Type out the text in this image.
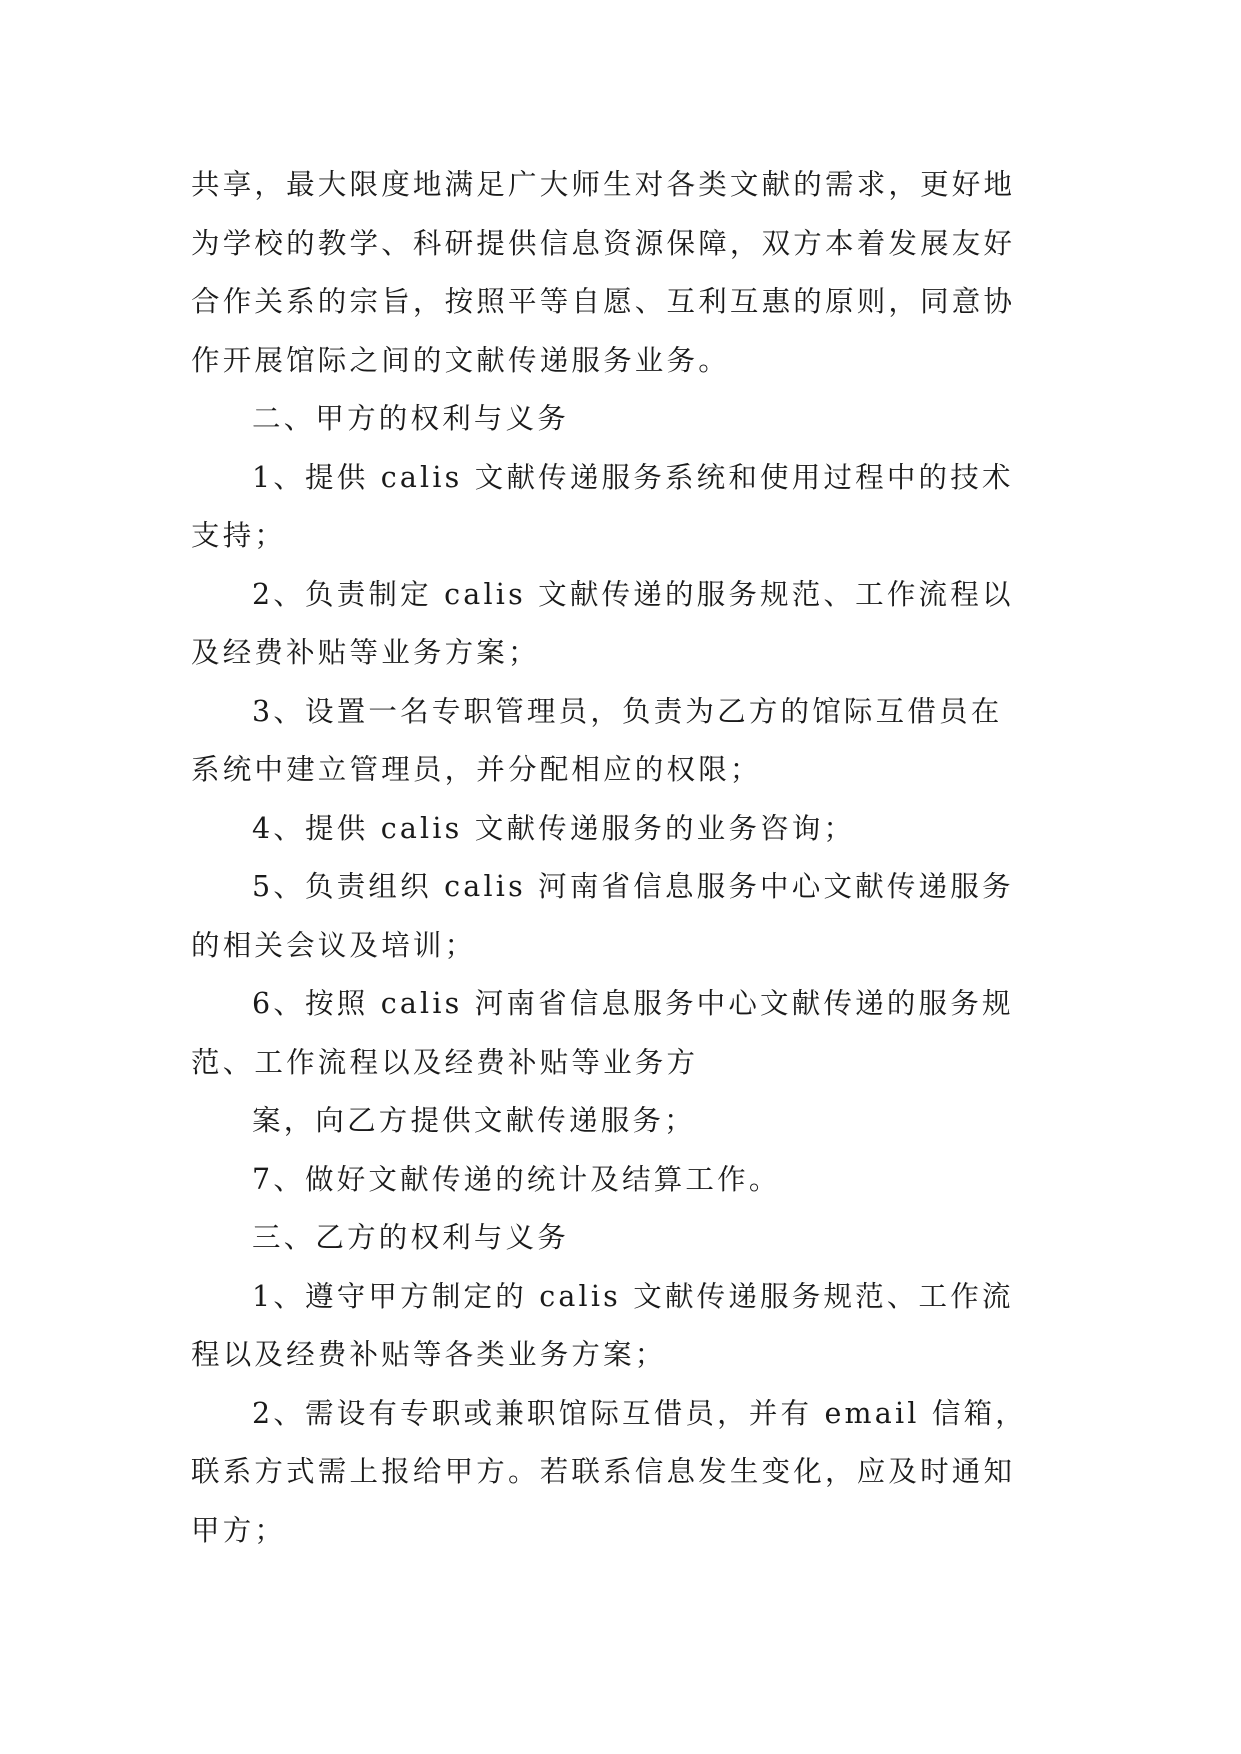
共享，最大限度地满足广大师生对各类文献的需求，更好地
为学校的教学、科研提供信息资源保障，双方本着发展友好
合作关系的宗旨，按照平等自愿、互利互惠的原则，同意协
作开展馆际之间的文献传递服务业务。
二、甲方的权利与义务
1、提供 calis 文献传递服务系统和使用过程中的技术
支持；
2、负责制定 calis 文献传递的服务规范、工作流程以
及经费补贴等业务方案；
3、设置一名专职管理员，负责为乙方的馆际互借员在
系统中建立管理员，并分配相应的权限；
4、提供 calis 文献传递服务的业务咨询；
5、负责组织 calis 河南省信息服务中心文献传递服务
的相关会议及培训；
6、按照 calis 河南省信息服务中心文献传递的服务规
范、工作流程以及经费补贴等业务方
案，向乙方提供文献传递服务；
7、做好文献传递的统计及结算工作。
三、乙方的权利与义务
1、遵守甲方制定的 calis 文献传递服务规范、工作流
程以及经费补贴等各类业务方案；
2、需设有专职或兼职馆际互借员，并有 email 信箱，
联系方式需上报给甲方。若联系信息发生变化，应及时通知
甲方；
